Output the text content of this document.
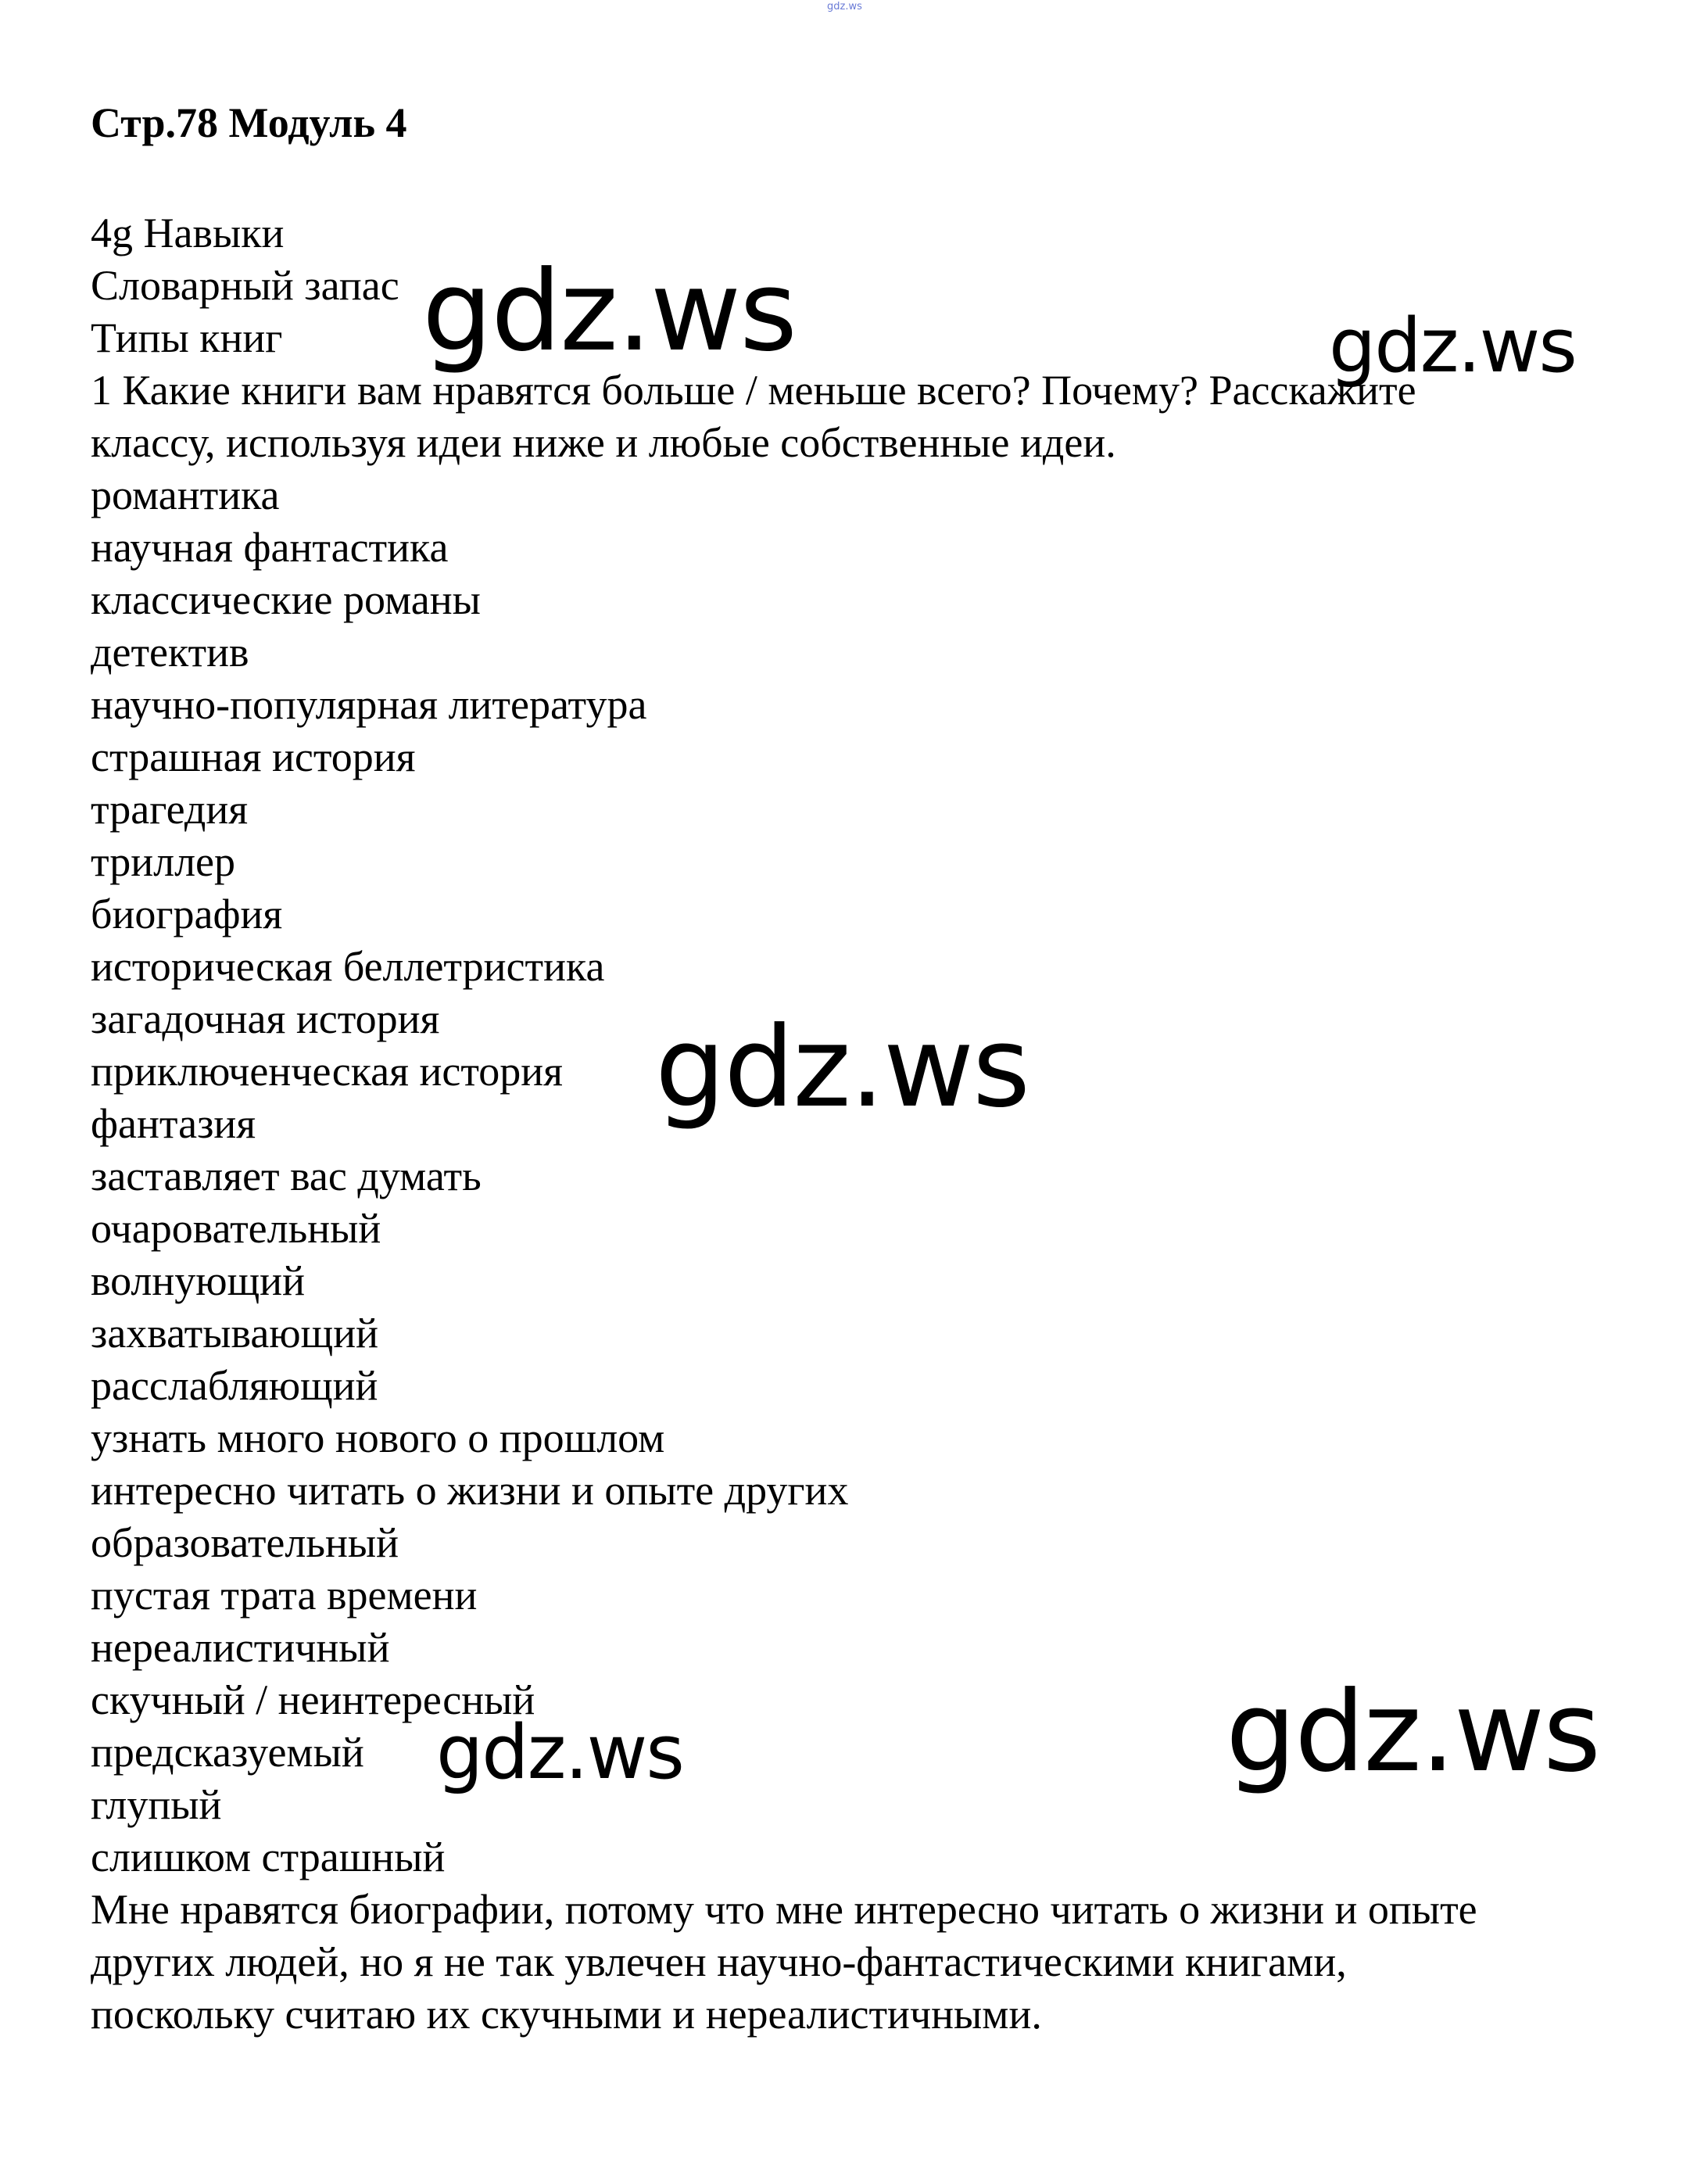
gdz.ws
Стр.78 Модуль 4
4g Навыки
Словарный запас
Типы книг
1 Какие книги вам нравятся больше / меньше всего? Почему? Расскажите
классу, используя идеи ниже и любые собственные идеи.
романтика
научная фантастика
классические романы
детектив
научно-популярная литература
страшная история
трагедия
триллер
биография
историческая беллетристика
загадочная история
приключенческая история
фантазия
заставляет вас думать
очаровательный
волнующий
захватывающий
расслабляющий
узнать много нового о прошлом
интересно читать о жизни и опыте других
образовательный
пустая трата времени
нереалистичный
скучный / неинтересный
предсказуемый
глупый
слишком страшный
Мне нравятся биографии, потому что мне интересно читать о жизни и опыте
других людей, но я не так увлечен научно-фантастическими книгами,
поскольку считаю их скучными и нереалистичными.
gdz.ws	gdz.ws
gdz.ws
gdz.ws
gdz.ws
